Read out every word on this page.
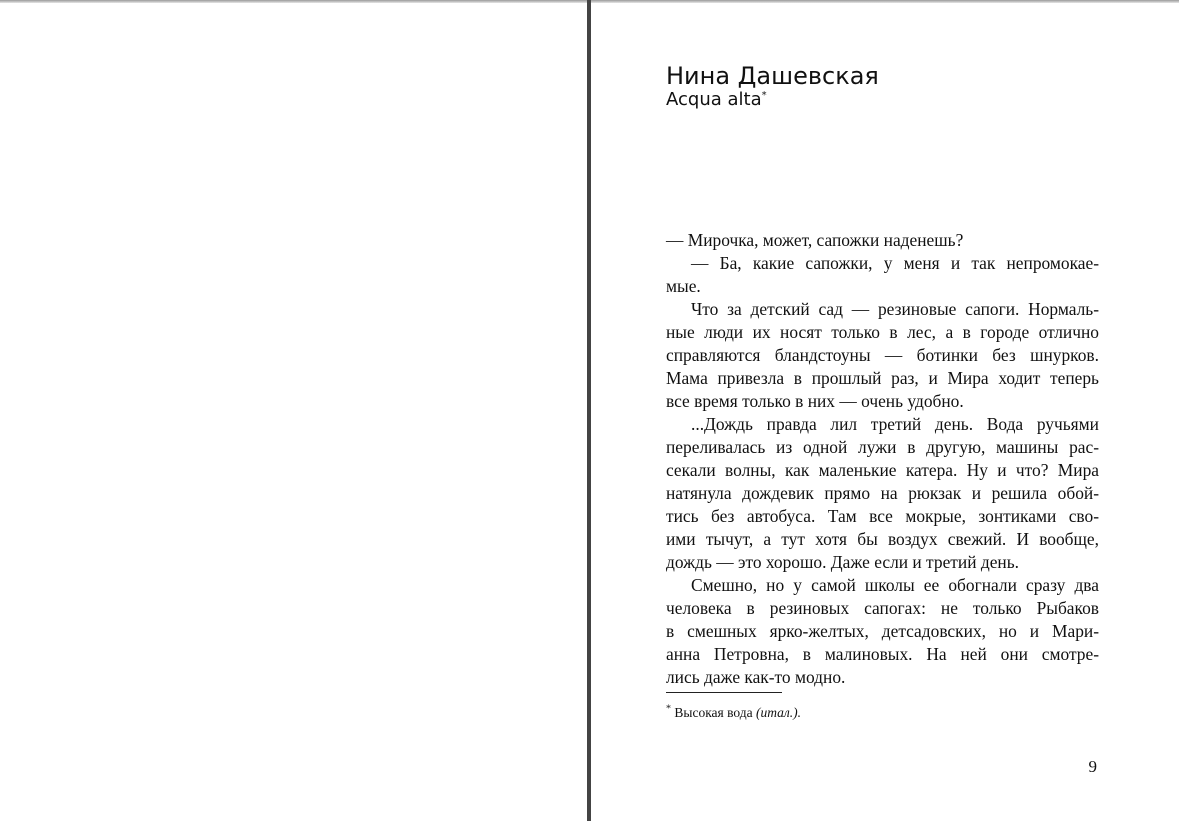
Нина Дашевская
Acqua alta*
— Мирочка, может, сапожки наденешь?
— Ба, какие сапожки, у меня и так непромокае-
мые.
Что за детский сад — резиновые сапоги. Нормаль-
ные люди их носят только в лес, а в городе отлично
справляются бландстоуны — ботинки без шнурков.
Мама привезла в прошлый раз, и Мира ходит теперь
все время только в них — очень удобно.
...Дождь правда лил третий день. Вода ручьями
переливалась из одной лужи в другую, машины рас-
секали волны, как маленькие катера. Ну и что? Мира
натянула дождевик прямо на рюкзак и решила обой-
тись без автобуса. Там все мокрые, зонтиками сво-
ими тычут, а тут хотя бы воздух свежий. И вообще,
дождь — это хорошо. Даже если и третий день.
Смешно, но у самой школы ее обогнали сразу два
человека в резиновых сапогах: не только Рыбаков
в смешных ярко-желтых, детсадовских, но и Мари-
анна Петровна, в малиновых. На ней они смотре-
лись даже как-то модно.
* Высокая вода (итал.).
9
